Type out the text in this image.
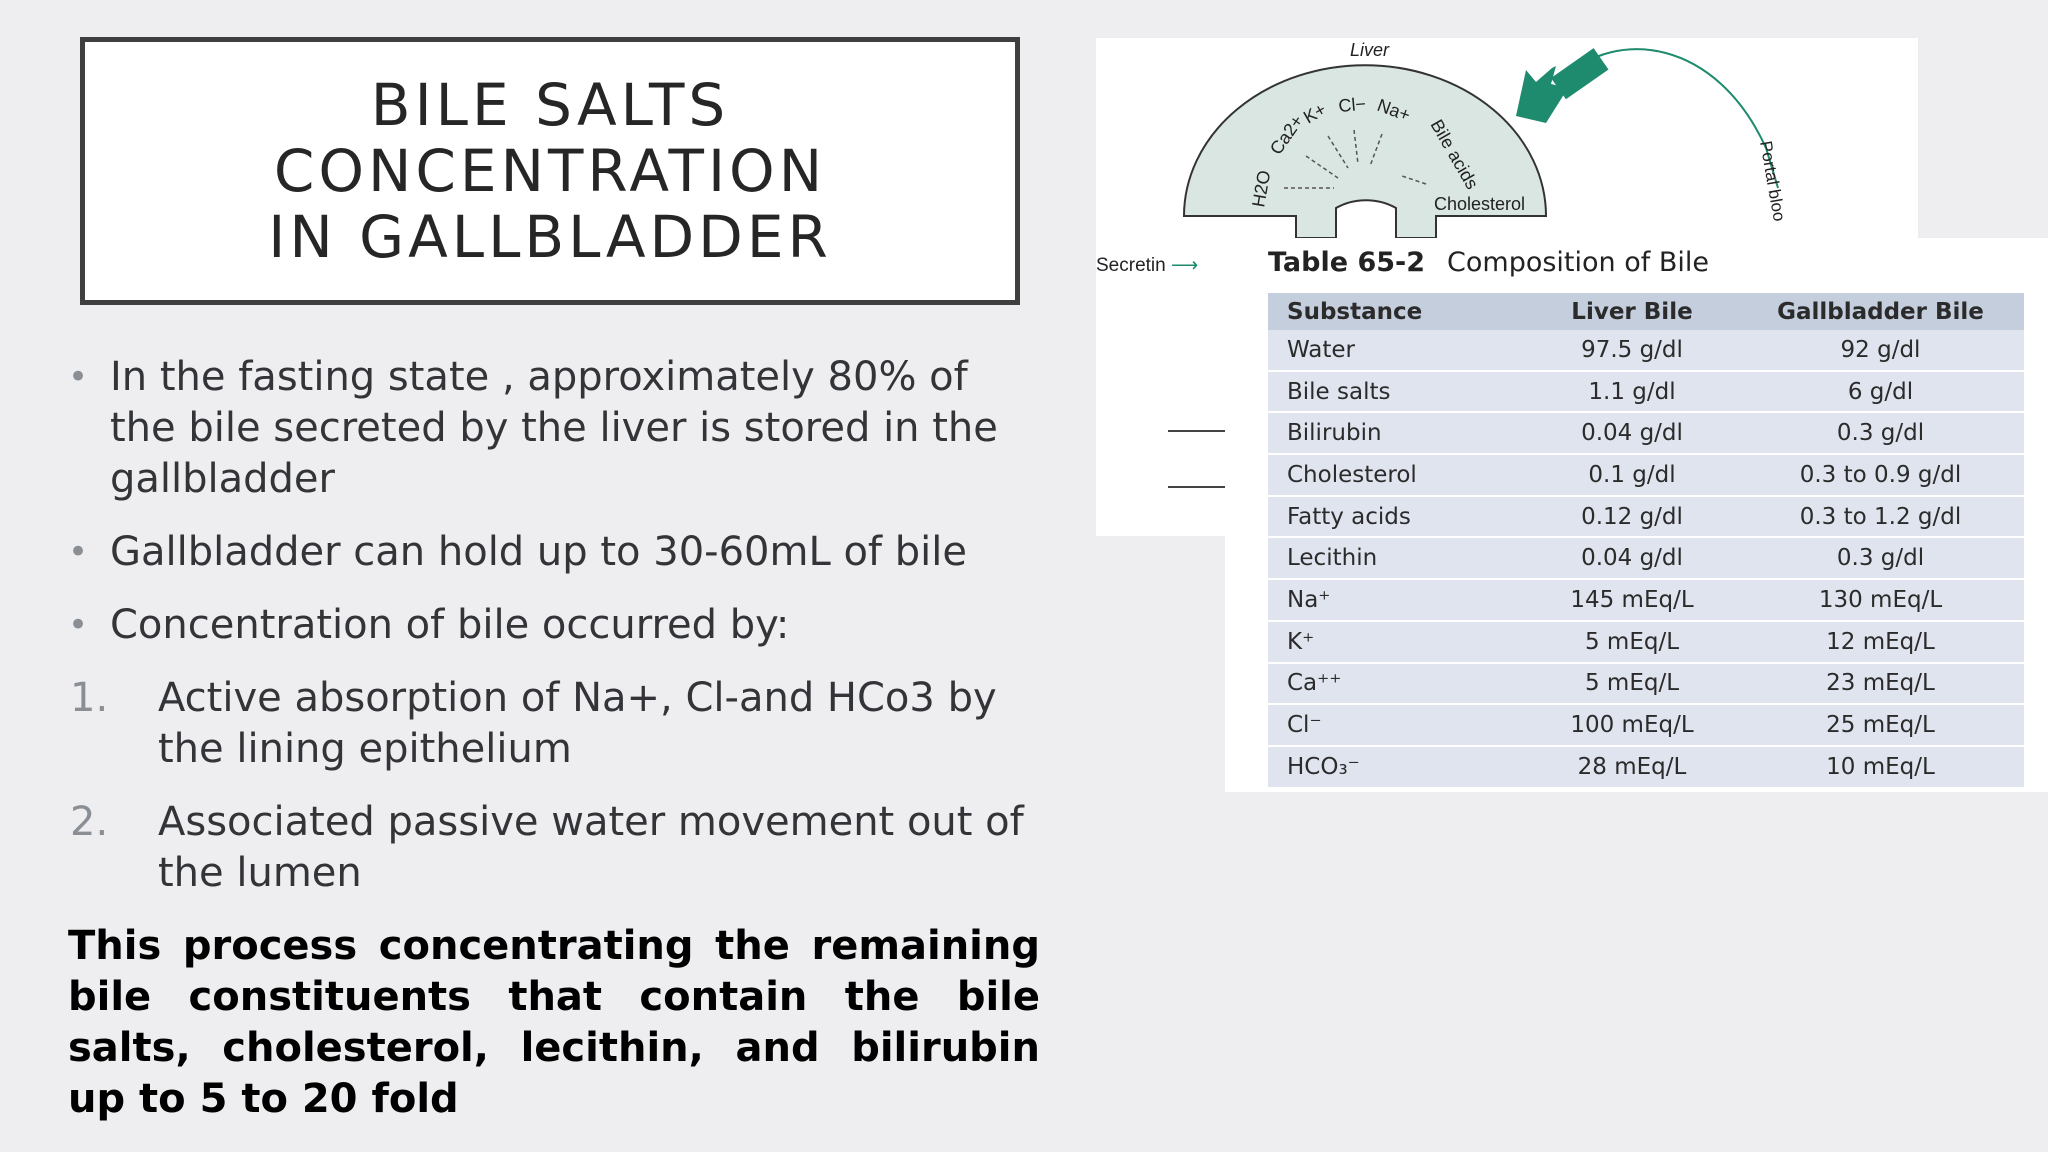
BILE SALTS CONCENTRATION
IN GALLBLADDER
• In the fasting state , approximately 80% of the bile secreted by the liver is stored in the gallbladder
• Gallbladder can hold up to 30-60mL of bile
• Concentration of bile occurred by:
1. Active absorption of Na+, Cl-and HCo3 by the lining epithelium
2. Associated passive water movement out of the lumen
This process concentrating the remaining bile constituents that contain the bile salts, cholesterol, lecithin, and bilirubin up to 5 to 20 fold
Liver
H2O
Ca2+
K+ Cl− Na+
Bile acids
Cholesterol	Portal bloo
Secretin ⟶	Table 65-2 Composition of Bile
Substance	Liver Bile	Gallbladder Bile
Water	97.5 g/dl	92 g/dl
Bile salts	1.1 g/dl	6 g/dl
Bilirubin	0.04 g/dl	0.3 g/dl
Cholesterol	0.1 g/dl	0.3 to 0.9 g/dl
Fatty acids	0.12 g/dl	0.3 to 1.2 g/dl
Lecithin	0.04 g/dl	0.3 g/dl
Na⁺	145 mEq/L	130 mEq/L
K⁺	5 mEq/L	12 mEq/L
Ca⁺⁺	5 mEq/L	23 mEq/L
Cl⁻	100 mEq/L	25 mEq/L
HCO₃⁻	28 mEq/L	10 mEq/L
